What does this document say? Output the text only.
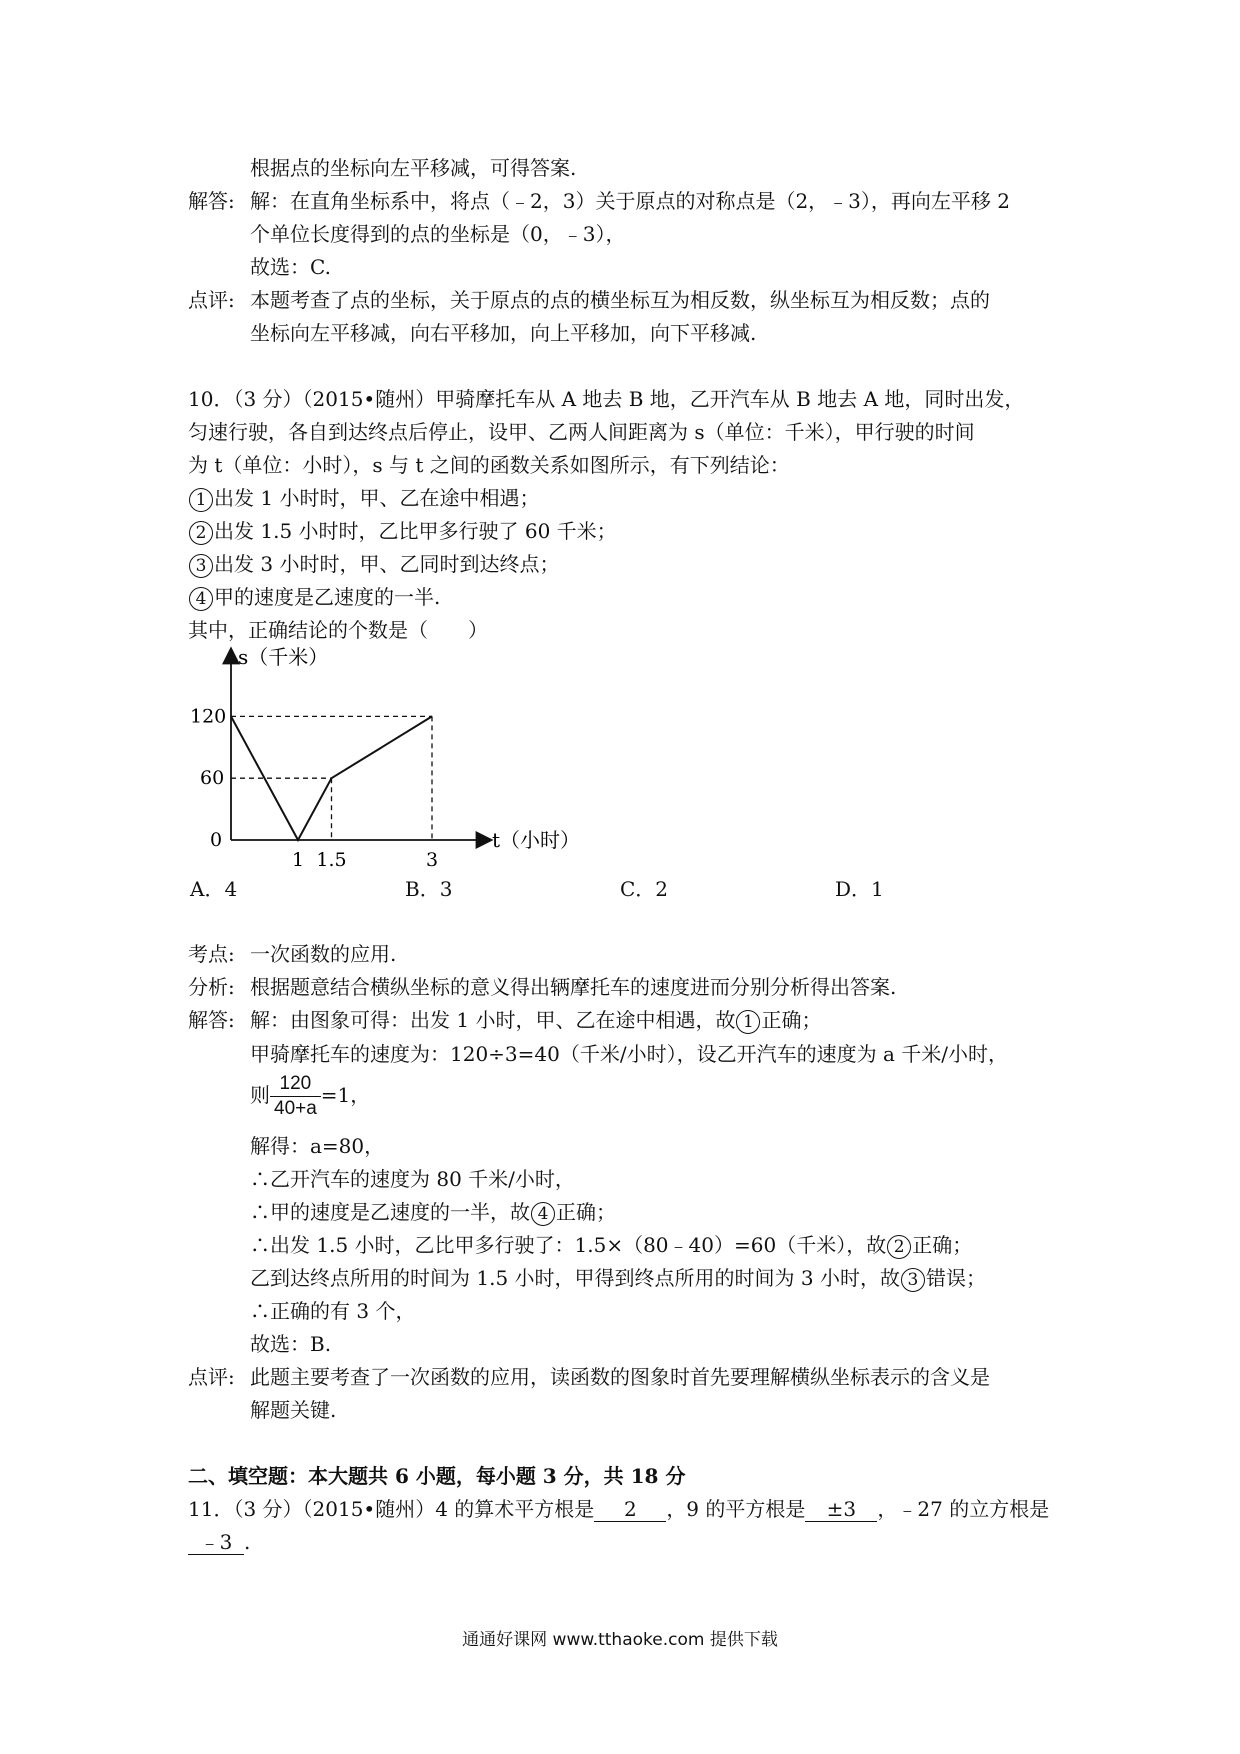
根据点的坐标向左平移减，可得答案.
解答: 解：在直角坐标系中，将点（﹣2，3）关于原点的对称点是（2，﹣3），再向左平移 2
个单位长度得到的点的坐标是（0，﹣3），
故选：C.
点评: 本题考查了点的坐标，关于原点的点的横坐标互为相反数，纵坐标互为相反数；点的
坐标向左平移减，向右平移加，向上平移加，向下平移减.
10．（3 分）（2015•随州）甲骑摩托车从 A 地去 B 地，乙开汽车从 B 地去 A 地，同时出发，
匀速行驶，各自到达终点后停止，设甲、乙两人间距离为 s（单位：千米），甲行驶的时间
为 t（单位：小时），s 与 t 之间的函数关系如图所示，有下列结论：
1 出发 1 小时时，甲、乙在途中相遇；
2 出发 1.5 小时时，乙比甲多行驶了 60 千米；
3 出发 3 小时时，甲、乙同时到达终点；
4 甲的速度是乙速度的一半.
其中，正确结论的个数是（　　）
s（千米）
t（小时）
120
60
0
1 1.5	3
A．4	B．3	C．2	D．1
考点: 一次函数的应用.
分析: 根据题意结合横纵坐标的意义得出辆摩托车的速度进而分别分析得出答案.
解答: 解：由图象可得：出发 1 小时，甲、乙在途中相遇，故 1 正确；
甲骑摩托车的速度为：120÷3=40（千米/小时），设乙开汽车的速度为 a 千米/小时，
则 $\frac{120}{40+a} =1$，
解得：a=80，
∴乙开汽车的速度为 80 千米/小时，
∴甲的速度是乙速度的一半，故 4 正确；
∴出发 1.5 小时，乙比甲多行驶了：1.5×（80﹣40）=60（千米），故 2 正确；
乙到达终点所用的时间为 1.5 小时，甲得到终点所用的时间为 3 小时，故 3 错误；
∴正确的有 3 个，
故选：B.
点评: 此题主要考查了一次函数的应用，读函数的图象时首先要理解横纵坐标表示的含义是
解题关键.
二、填空题：本大题共 6 小题，每小题 3 分，共 18 分
11．（3 分）（2015•随州）4 的算术平方根是 2 ，9 的平方根是 ±3 ，﹣27 的立方根是
﹣3 .
通通好课网 www.tthaoke.com 提供下载
